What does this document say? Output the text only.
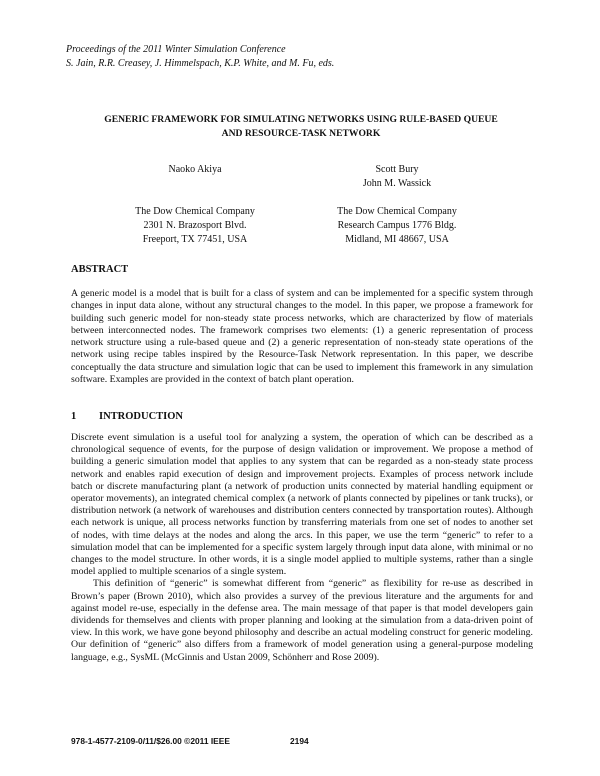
Proceedings of the 2011 Winter Simulation Conference
S. Jain, R.R. Creasey, J. Himmelspach, K.P. White, and M. Fu, eds.
GENERIC FRAMEWORK FOR SIMULATING NETWORKS USING RULE-BASED QUEUE
AND RESOURCE-TASK NETWORK
Naoko Akiya
The Dow Chemical Company
2301 N. Brazosport Blvd.
Freeport, TX 77451, USA
Scott Bury
John M. Wassick
The Dow Chemical Company
Research Campus 1776 Bldg.
Midland, MI 48667, USA
ABSTRACT
A generic model is a model that is built for a class of system and can be implemented for a specific system through changes in input data alone, without any structural changes to the model. In this paper, we propose a framework for building such generic model for non-steady state process networks, which are characterized by flow of materials between interconnected nodes. The framework comprises two elements: (1) a generic representation of process network structure using a rule-based queue and (2) a generic representation of non-steady state operations of the network using recipe tables inspired by the Resource-Task Network representation. In this paper, we describe conceptually the data structure and simulation logic that can be used to implement this framework in any simulation software. Examples are provided in the context of batch plant operation.
1 INTRODUCTION

Discrete event simulation is a useful tool for analyzing a system, the operation of which can be described as a chronological sequence of events, for the purpose of design validation or improvement. We propose a method of building a generic simulation model that applies to any system that can be regarded as a non-steady state process network and enables rapid execution of design and improvement projects. Examples of process network include batch or discrete manufacturing plant (a network of production units connected by material handling equipment or operator movements), an integrated chemical complex (a network of plants connected by pipelines or tank trucks), or distribution network (a network of warehouses and distribution centers connected by transportation routes). Although each network is unique, all process networks function by transferring materials from one set of nodes to another set of nodes, with time delays at the nodes and along the arcs. In this paper, we use the term “generic” to refer to a simulation model that can be implemented for a specific system largely through input data alone, with minimal or no changes to the model structure. In other words, it is a single model applied to multiple systems, rather than a single model applied to multiple scenarios of a single system.

This definition of “generic” is somewhat different from “generic” as flexibility for re-use as described in Brown’s paper (Brown 2010), which also provides a survey of the previous literature and the arguments for and against model re-use, especially in the defense area. The main message of that paper is that model developers gain dividends for themselves and clients with proper planning and looking at the simulation from a data-driven point of view. In this work, we have gone beyond philosophy and describe an actual modeling construct for generic modeling. Our definition of “generic” also differs from a framework of model generation using a general-purpose modeling language, e.g., SysML (McGinnis and Ustan 2009, Schönherr and Rose 2009).

978-1-4577-2109-0/11/$26.00 ©2011 IEEE	2194
